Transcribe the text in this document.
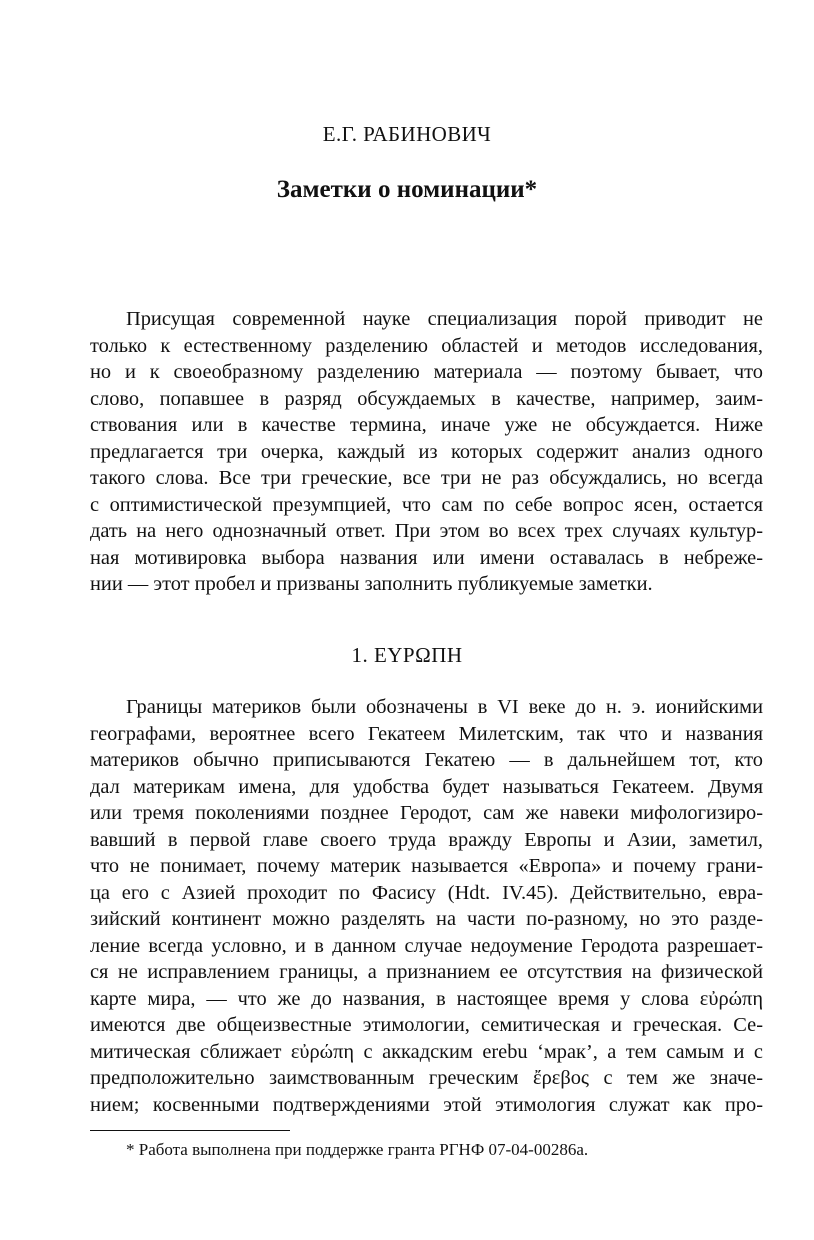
Е.Г. РАБИНОВИЧ
Заметки о номинации*
Присущая современной науке специализация порой приводит не
только к естественному разделению областей и методов исследования,
но и к своеобразному разделению материала — поэтому бывает, что
слово, попавшее в разряд обсуждаемых в качестве, например, заим-
ствования или в качестве термина, иначе уже не обсуждается. Ниже
предлагается три очерка, каждый из которых содержит анализ одного
такого слова. Все три греческие, все три не раз обсуждались, но всегда
с оптимистической презумпцией, что сам по себе вопрос ясен, остается
дать на него однозначный ответ. При этом во всех трех случаях культур-
ная мотивировка выбора названия или имени оставалась в небреже-
нии — этот пробел и призваны заполнить публикуемые заметки.
1. ΕΥΡΩΠΗ
Границы материков были обозначены в VI веке до н. э. ионийскими
географами, вероятнее всего Гекатеем Милетским, так что и названия
материков обычно приписываются Гекатею — в дальнейшем тот, кто
дал материкам имена, для удобства будет называться Гекатеем. Двумя
или тремя поколениями позднее Геродот, сам же навеки мифологизиро-
вавший в первой главе своего труда вражду Европы и Азии, заметил,
что не понимает, почему материк называется «Европа» и почему грани-
ца его с Азией проходит по Фасису (Hdt. IV.45). Действительно, евра-
зийский континент можно разделять на части по-разному, но это разде-
ление всегда условно, и в данном случае недоумение Геродота разрешает-
ся не исправлением границы, а признанием ее отсутствия на физической
карте мира, — что же до названия, в настоящее время у слова εὐρώπη
имеются две общеизвестные этимологии, семитическая и греческая. Се-
митическая сближает εὐρώπη с аккадским erebu ‘мрак’, а тем самым и с
предположительно заимствованным греческим ἔρεβος с тем же значе-
нием; косвенными подтверждениями этой этимология служат как про-
* Работа выполнена при поддержке гранта РГНФ 07-04-00286а.
